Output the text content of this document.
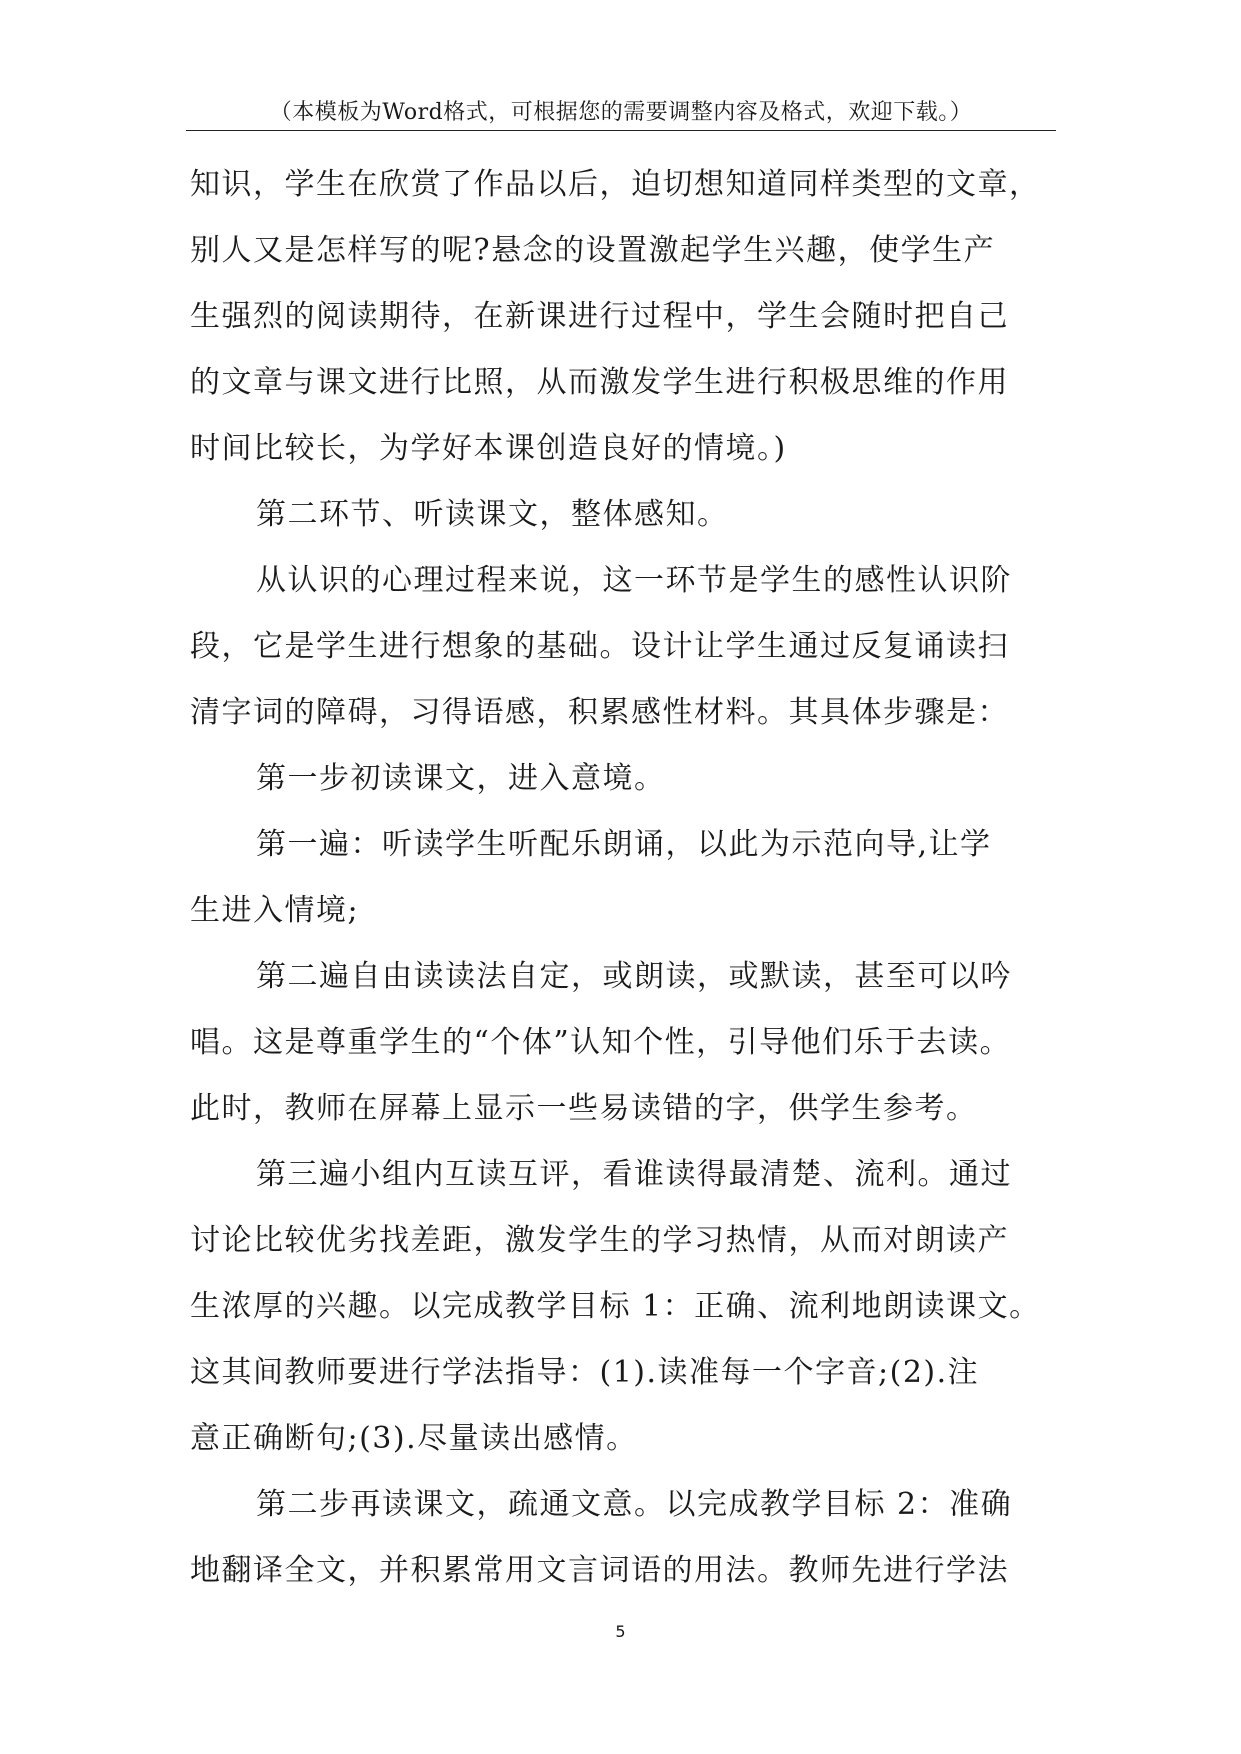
（本模板为Word格式，可根据您的需要调整内容及格式，欢迎下载。）

知识，学生在欣赏了作品以后，迫切想知道同样类型的文章，

别人又是怎样写的呢?悬念的设置激起学生兴趣，使学生产

生强烈的阅读期待，在新课进行过程中，学生会随时把自己

的文章与课文进行比照，从而激发学生进行积极思维的作用

时间比较长，为学好本课创造良好的情境。)

第二环节、听读课文，整体感知。

从认识的心理过程来说，这一环节是学生的感性认识阶

段，它是学生进行想象的基础。设计让学生通过反复诵读扫

清字词的障碍，习得语感，积累感性材料。其具体步骤是：

第一步初读课文，进入意境。

第一遍：听读学生听配乐朗诵，以此为示范向导,让学

生进入情境;

第二遍自由读读法自定，或朗读，或默读，甚至可以吟

唱。这是尊重学生的“个体”认知个性，引导他们乐于去读。

此时，教师在屏幕上显示一些易读错的字，供学生参考。

第三遍小组内互读互评，看谁读得最清楚、流利。通过

讨论比较优劣找差距，激发学生的学习热情，从而对朗读产

生浓厚的兴趣。以完成教学目标 1：正确、流利地朗读课文。

这其间教师要进行学法指导：(1).读准每一个字音;(2).注

意正确断句;(3).尽量读出感情。

第二步再读课文，疏通文意。以完成教学目标 2：准确

地翻译全文，并积累常用文言词语的用法。教师先进行学法

5
